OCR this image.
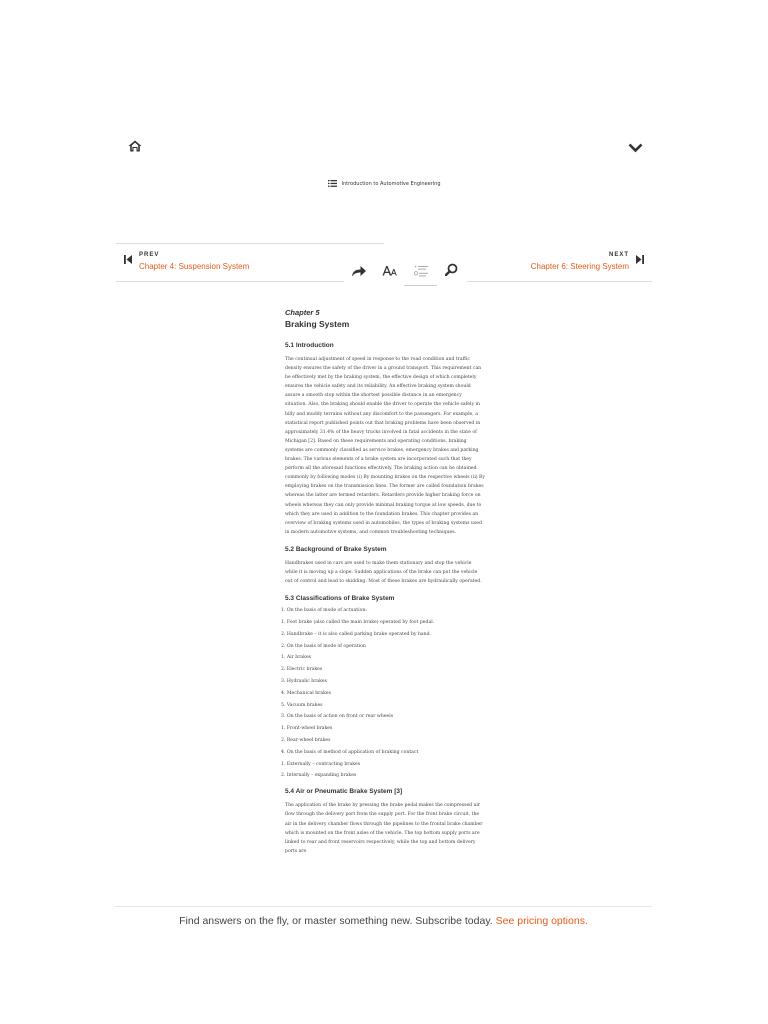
Introduction to Automotive Engineering
PREV
Chapter 4: Suspension System
NEXT
Chapter 6: Steering System
Chapter 5
Braking System
5.1 Introduction

The continual adjustment of speed in response to the road condition and traffic density ensures the safety of the driver in a ground transport. This requirement can be effectively met by the braking system, the effective design of which completely ensures the vehicle safety and its reliability. An effective braking system should assure a smooth stop within the shortest possible distance in an emergency situation. Also, the braking should enable the driver to operate the vehicle safely in hilly and muddy terrains without any discomfort to the passengers. For example, a statistical report published points out that braking problems have been observed in approximately 31.4% of the heavy trucks involved in fatal accidents in the state of Michigan [2]. Based on these requirements and operating conditions, braking systems are commonly classified as service brakes, emergency brakes and parking brakes. The various elements of a brake system are incorporated such that they perform all the aforesaid functions effectively. The braking action can be obtained commonly by following modes (i) By mounting brakes on the respective wheels (ii) By employing brakes on the transmission lines. The former are called foundation brakes whereas the latter are termed retarders. Retarders provide higher braking force on wheels whereas they can only provide minimal braking torque at low speeds, due to which they are used in addition to the foundation brakes. This chapter provides an overview of braking systems used in automobiles, the types of braking systems used in modern automotive systems, and common troubleshooting techniques.

5.2 Background of Brake System

Handbrakes used in cars are used to make them stationary and stop the vehicle while it is moving up a slope. Sudden applications of the brake can put the vehicle out of control and lead to skidding. Most of these brakes are hydraulically operated.

5.3 Classifications of Brake System
1. On the basis of mode of actuation:
1. Foot brake (also called the main brake) operated by foot pedal.
2. Handbrake – it is also called parking brake operated by hand.
2. On the basis of mode of operation
1. Air brakes
2. Electric brakes
3. Hydraulic brakes
4. Mechanical brakes
5. Vacuum brakes
3. On the basis of action on front or rear wheels
1. Front-wheel brakes
2. Rear-wheel brakes
4. On the basis of method of application of braking contact
1. Externally – contracting brakes
2. Internally – expanding brakes
5.4 Air or Pneumatic Brake System [3]

The application of the brake by pressing the brake pedal makes the compressed air flow through the delivery port from the supply port. For the front brake circuit, the air in the delivery chamber flows through the pipelines to the frontal brake chamber which is mounted on the front axles of the vehicle. The top bottom supply ports are linked to rear and front reservoirs respectively, while the top and bottom delivery ports are

Find answers on the fly, or master something new. Subscribe today. See pricing options.
